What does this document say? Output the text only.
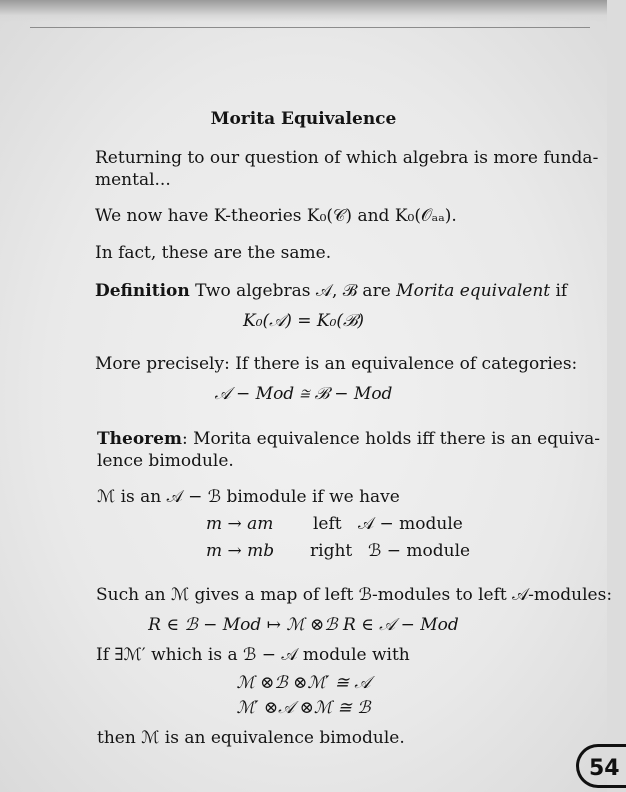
Morita Equivalence
Returning to our question of which algebra is more funda-
mental...
We now have K-theories K₀(𝒞) and K₀(𝒪ₐₐ).
In fact, these are the same.
Definition Two algebras 𝒜, ℬ are Morita equivalent if
K₀(𝒜) = K₀(ℬ)
More precisely: If there is an equivalence of categories:
𝒜 − Mod ≅ ℬ − Mod
Theorem: Morita equivalence holds iff there is an equiva-
lence bimodule.
ℳ is an 𝒜 − ℬ bimodule if we have
m → am left 𝒜 − module
m → mb right ℬ − module
Such an ℳ gives a map of left ℬ-modules to left 𝒜-modules:
R ∈ ℬ − Mod ↦ ℳ ⊗ℬ R ∈ 𝒜 − Mod
If ∃ℳ′ which is a ℬ − 𝒜 module with
ℳ ⊗ℬ ⊗ℳ′ ≅ 𝒜
ℳ′ ⊗𝒜 ⊗ℳ ≅ ℬ
then ℳ is an equivalence bimodule.
54
